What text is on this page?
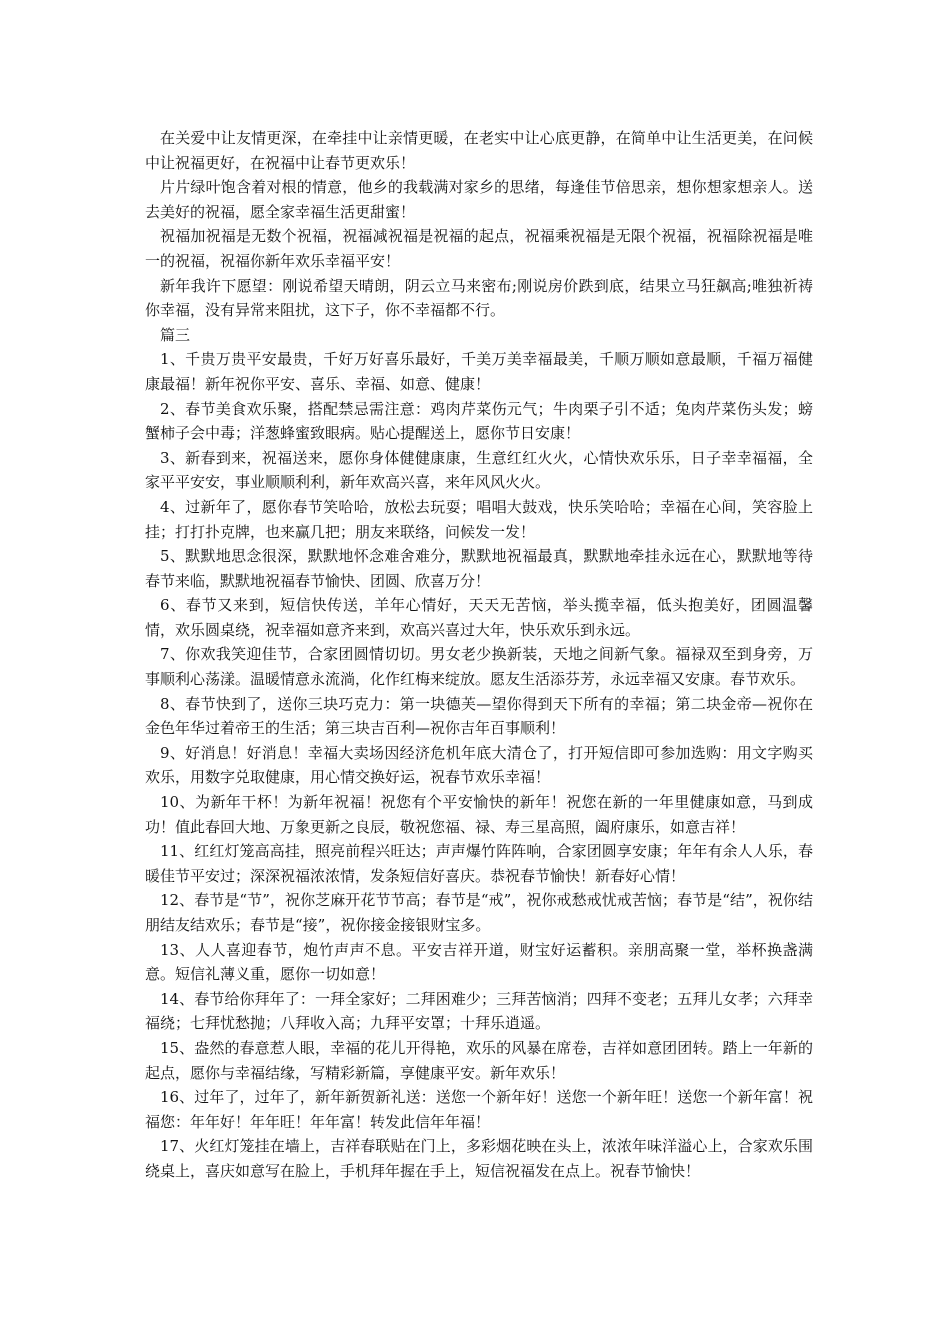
在关爱中让友情更深，在牵挂中让亲情更暖，在老实中让心底更静，在简单中让生活更美，在问候中让祝福更好，在祝福中让春节更欢乐！

片片绿叶饱含着对根的情意，他乡的我载满对家乡的思绪，每逢佳节倍思亲，想你想家想亲人。送去美好的祝福，愿全家幸福生活更甜蜜！

祝福加祝福是无数个祝福，祝福减祝福是祝福的起点，祝福乘祝福是无限个祝福，祝福除祝福是唯一的祝福，祝福你新年欢乐幸福平安！

新年我许下愿望：刚说希望天晴朗，阴云立马来密布;刚说房价跌到底，结果立马狂飙高;唯独祈祷你幸福，没有异常来阻扰，这下子，你不幸福都不行。

篇三

1、千贵万贵平安最贵，千好万好喜乐最好，千美万美幸福最美，千顺万顺如意最顺，千福万福健康最福！新年祝你平安、喜乐、幸福、如意、健康！

2、春节美食欢乐聚，搭配禁忌需注意：鸡肉芹菜伤元气；牛肉栗子引不适；兔肉芹菜伤头发；螃蟹柿子会中毒；洋葱蜂蜜致眼病。贴心提醒送上，愿你节日安康！

3、新春到来，祝福送来，愿你身体健健康康，生意红红火火，心情快欢乐乐，日子幸幸福福，全家平平安安，事业顺顺利利，新年欢高兴喜，来年风风火火。

4、过新年了，愿你春节笑哈哈，放松去玩耍；唱唱大鼓戏，快乐笑哈哈；幸福在心间，笑容脸上挂；打打扑克牌，也来赢几把；朋友来联络，问候发一发！

5、默默地思念很深，默默地怀念难舍难分，默默地祝福最真，默默地牵挂永远在心，默默地等待春节来临，默默地祝福春节愉快、团圆、欣喜万分！

6、春节又来到，短信快传送，羊年心情好，天天无苦恼，举头揽幸福，低头抱美好，团圆温馨情，欢乐圆桌绕，祝幸福如意齐来到，欢高兴喜过大年，快乐欢乐到永远。

7、你欢我笑迎佳节，合家团圆情切切。男女老少换新装，天地之间新气象。福禄双至到身旁，万事顺利心荡漾。温暖情意永流淌，化作红梅来绽放。愿友生活添芬芳，永远幸福又安康。春节欢乐。

8、春节快到了，送你三块巧克力：第一块德芙—望你得到天下所有的幸福；第二块金帝—祝你在金色年华过着帝王的生活；第三块吉百利—祝你吉年百事顺利！

9、好消息！好消息！幸福大卖场因经济危机年底大清仓了，打开短信即可参加选购：用文字购买欢乐，用数字兑取健康，用心情交换好运，祝春节欢乐幸福！

10、为新年干杯！为新年祝福！祝您有个平安愉快的新年！祝您在新的一年里健康如意，马到成功！值此春回大地、万象更新之良辰，敬祝您福、禄、寿三星高照，阖府康乐，如意吉祥！

11、红红灯笼高高挂，照亮前程兴旺达；声声爆竹阵阵响，合家团圆享安康；年年有余人人乐，春暖佳节平安过；深深祝福浓浓情，发条短信好喜庆。恭祝春节愉快！新春好心情！

12、春节是“节”，祝你芝麻开花节节高；春节是“戒”，祝你戒愁戒忧戒苦恼；春节是“结”，祝你结朋结友结欢乐；春节是“接”，祝你接金接银财宝多。

13、人人喜迎春节，炮竹声声不息。平安吉祥开道，财宝好运蓄积。亲朋高聚一堂，举杯换盏满意。短信礼薄义重，愿你一切如意！

14、春节给你拜年了：一拜全家好；二拜困难少；三拜苦恼消；四拜不变老；五拜儿女孝；六拜幸福绕；七拜忧愁抛；八拜收入高；九拜平安罩；十拜乐逍遥。

15、盎然的春意惹人眼，幸福的花儿开得艳，欢乐的风暴在席卷，吉祥如意团团转。踏上一年新的起点，愿你与幸福结缘，写精彩新篇，享健康平安。新年欢乐！

16、过年了，过年了，新年新贺新礼送：送您一个新年好！送您一个新年旺！送您一个新年富！祝福您：年年好！年年旺！年年富！转发此信年年福！

17、火红灯笼挂在墙上，吉祥春联贴在门上，多彩烟花映在头上，浓浓年味洋溢心上，合家欢乐围绕桌上，喜庆如意写在脸上，手机拜年握在手上，短信祝福发在点上。祝春节愉快！
